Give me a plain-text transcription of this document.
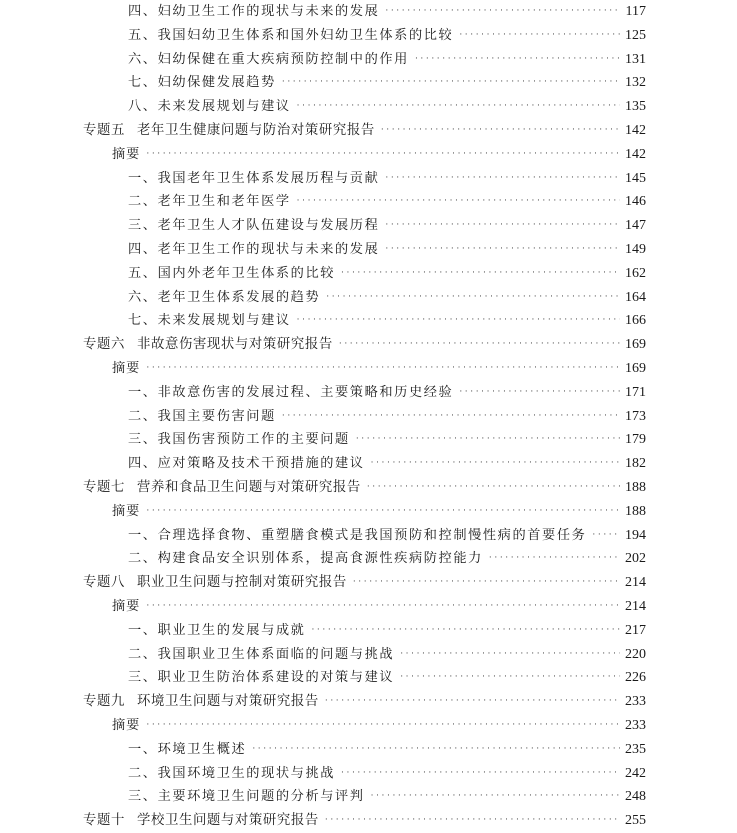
四、妇幼卫生工作的现状与未来的发展 ·····	117
五、我国妇幼卫生体系和国外妇幼卫生体系的比较 ·····	125
六、妇幼保健在重大疾病预防控制中的作用 ·····	131
七、妇幼保健发展趋势 ·····	132
八、未来发展规划与建议 ·····	135
专题五 老年卫生健康问题与防治对策研究报告 ·····	142
摘要 ·····	142
一、我国老年卫生体系发展历程与贡献 ·····	145
二、老年卫生和老年医学 ·····	146
三、老年卫生人才队伍建设与发展历程 ·····	147
四、老年卫生工作的现状与未来的发展 ·····	149
五、国内外老年卫生体系的比较 ·····	162
六、老年卫生体系发展的趋势 ·····	164
七、未来发展规划与建议 ·····	166
专题六 非故意伤害现状与对策研究报告 ·····	169
摘要 ·····	169
一、非故意伤害的发展过程、主要策略和历史经验 ·····	171
二、我国主要伤害问题 ·····	173
三、我国伤害预防工作的主要问题 ·····	179
四、应对策略及技术干预措施的建议 ·····	182
专题七 营养和食品卫生问题与对策研究报告 ·····	188
摘要 ·····	188
一、合理选择食物、重塑膳食模式是我国预防和控制慢性病的首要任务 ·····	194
二、构建食品安全识别体系，提高食源性疾病防控能力 ·····	202
专题八 职业卫生问题与控制对策研究报告 ·····	214
摘要 ·····	214
一、职业卫生的发展与成就 ·····	217
二、我国职业卫生体系面临的问题与挑战 ·····	220
三、职业卫生防治体系建设的对策与建议 ·····	226
专题九 环境卫生问题与对策研究报告 ·····	233
摘要 ·····	233
一、环境卫生概述 ·····	235
二、我国环境卫生的现状与挑战 ·····	242
三、主要环境卫生问题的分析与评判 ·····	248
专题十 学校卫生问题与对策研究报告 ·····	255
